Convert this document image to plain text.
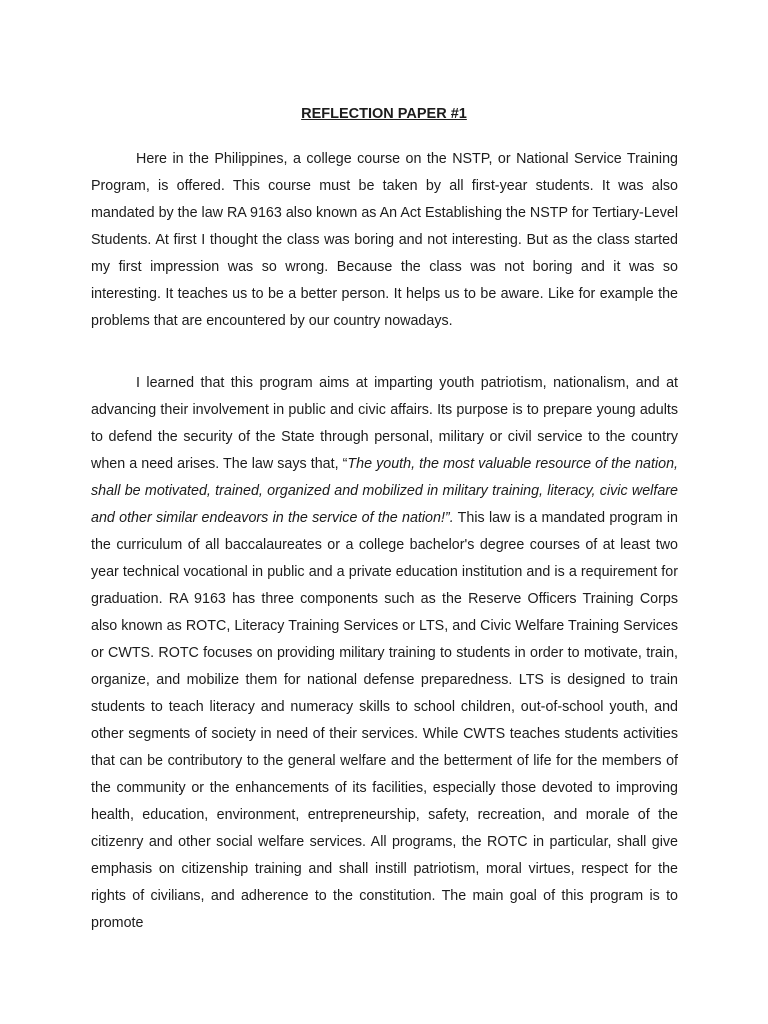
REFLECTION PAPER #1

Here in the Philippines, a college course on the NSTP, or National Service Training Program, is offered. This course must be taken by all first-year students. It was also mandated by the law RA 9163 also known as An Act Establishing the NSTP for Tertiary-Level Students. At first I thought the class was boring and not interesting. But as the class started my first impression was so wrong. Because the class was not boring and it was so interesting. It teaches us to be a better person. It helps us to be aware. Like for example the problems that are encountered by our country nowadays.

I learned that this program aims at imparting youth patriotism, nationalism, and at advancing their involvement in public and civic affairs. Its purpose is to prepare young adults to defend the security of the State through personal, military or civil service to the country when a need arises. The law says that, “The youth, the most valuable resource of the nation, shall be motivated, trained, organized and mobilized in military training, literacy, civic welfare and other similar endeavors in the service of the nation!”. This law is a mandated program in the curriculum of all baccalaureates or a college bachelor's degree courses of at least two year technical vocational in public and a private education institution and is a requirement for graduation. RA 9163 has three components such as the Reserve Officers Training Corps also known as ROTC, Literacy Training Services or LTS, and Civic Welfare Training Services or CWTS. ROTC focuses on providing military training to students in order to motivate, train, organize, and mobilize them for national defense preparedness. LTS is designed to train students to teach literacy and numeracy skills to school children, out-of-school youth, and other segments of society in need of their services. While CWTS teaches students activities that can be contributory to the general welfare and the betterment of life for the members of the community or the enhancements of its facilities, especially those devoted to improving health, education, environment, entrepreneurship, safety, recreation, and morale of the citizenry and other social welfare services. All programs, the ROTC in particular, shall give emphasis on citizenship training and shall instill patriotism, moral virtues, respect for the rights of civilians, and adherence to the constitution. The main goal of this program is to promote
